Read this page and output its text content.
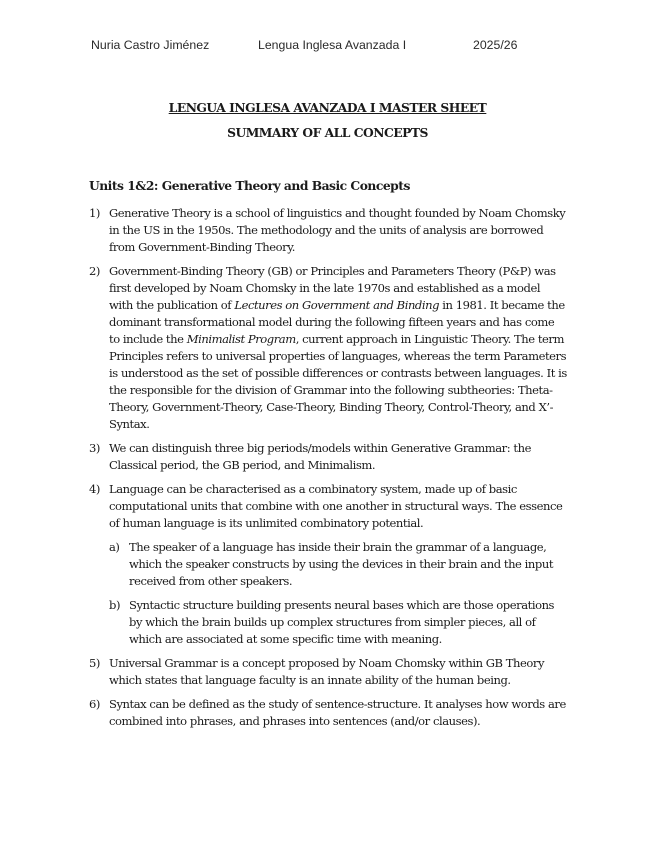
Nuria Castro Jiménez	Lengua Inglesa Avanzada I	2025/26
LENGUA INGLESA AVANZADA I MASTER SHEET
SUMMARY OF ALL CONCEPTS
Units 1&2: Generative Theory and Basic Concepts
1) Generative Theory is a school of linguistics and thought founded by Noam Chomsky in the US in the 1950s. The methodology and the units of analysis are borrowed from Government-Binding Theory.
2) Government-Binding Theory (GB) or Principles and Parameters Theory (P&P) was first developed by Noam Chomsky in the late 1970s and established as a model with the publication of Lectures on Government and Binding in 1981. It became the dominant transformational model during the following fifteen years and has come to include the Minimalist Program, current approach in Linguistic Theory. The term Principles refers to universal properties of languages, whereas the term Parameters is understood as the set of possible differences or contrasts between languages. It is the responsible for the division of Grammar into the following subtheories: Theta-Theory, Government-Theory, Case-Theory, Binding Theory, Control-Theory, and X’-Syntax.
3) We can distinguish three big periods/models within Generative Grammar: the Classical period, the GB period, and Minimalism.
4) Language can be characterised as a combinatory system, made up of basic computational units that combine with one another in structural ways. The essence of human language is its unlimited combinatory potential.
a) The speaker of a language has inside their brain the grammar of a language, which the speaker constructs by using the devices in their brain and the input received from other speakers.
b) Syntactic structure building presents neural bases which are those operations by which the brain builds up complex structures from simpler pieces, all of which are associated at some specific time with meaning.
5) Universal Grammar is a concept proposed by Noam Chomsky within GB Theory which states that language faculty is an innate ability of the human being.
6) Syntax can be defined as the study of sentence-structure. It analyses how words are combined into phrases, and phrases into sentences (and/or clauses).
